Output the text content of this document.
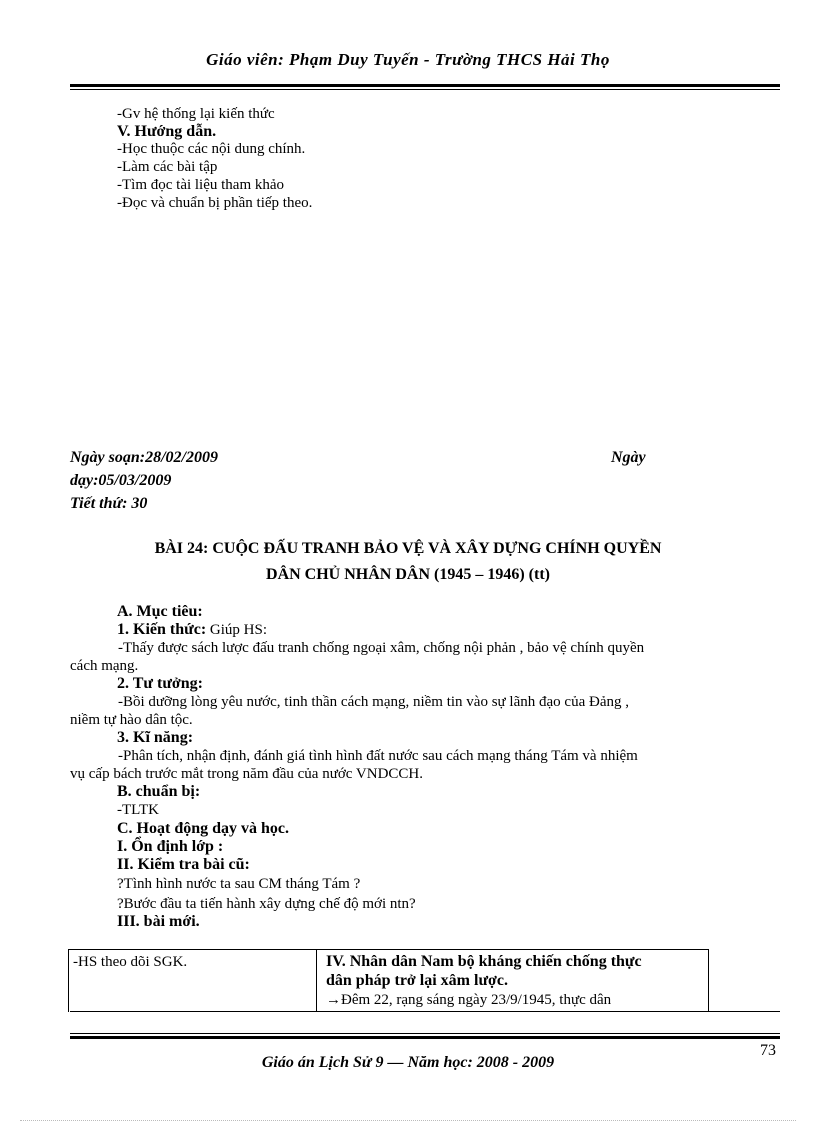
Giáo viên: Phạm Duy Tuyến - Trường THCS Hải Thọ
-Gv hệ thống lại kiến thức
V. Hướng dẫn.
-Học thuộc các nội dung chính.
-Làm các bài tập
-Tìm đọc tài liệu tham khảo
-Đọc và chuẩn bị phần tiếp theo.
Ngày soạn:28/02/2009	Ngày
dạy:05/03/2009
Tiết thứ: 30
BÀI 24: CUỘC ĐẤU TRANH BẢO VỆ VÀ XÂY DỰNG CHÍNH QUYỀN
DÂN CHỦ NHÂN DÂN (1945 – 1946) (tt)
A. Mục tiêu:
1. Kiến thức: Giúp HS:
-Thấy được sách lược đấu tranh chống ngoại xâm, chống nội phản , bảo vệ chính quyền
cách mạng.
2. Tư tưởng:
-Bồi dưỡng lòng yêu nước, tinh thần cách mạng, niềm tin vào sự lãnh đạo của Đảng ,
niềm tự hào dân tộc.
3. Kĩ năng:
-Phân tích, nhận định, đánh giá tình hình đất nước sau cách mạng tháng Tám và nhiệm
vụ cấp bách trước mắt trong năm đầu của nước VNDCCH.
B. chuẩn bị:
-TLTK
C. Hoạt động dạy và học.
I. Ổn định lớp :
II. Kiểm tra bài cũ:
?Tình hình nước ta sau CM tháng Tám ?
?Bước đầu ta tiến hành xây dựng chế độ mới ntn?
III. bài mới.
-HS theo dõi SGK.	IV. Nhân dân Nam bộ kháng chiến chống thực
dân pháp trở lại xâm lược.
→Đêm 22, rạng sáng ngày 23/9/1945, thực dân
73
Giáo án Lịch Sử 9 — Năm học: 2008 - 2009
